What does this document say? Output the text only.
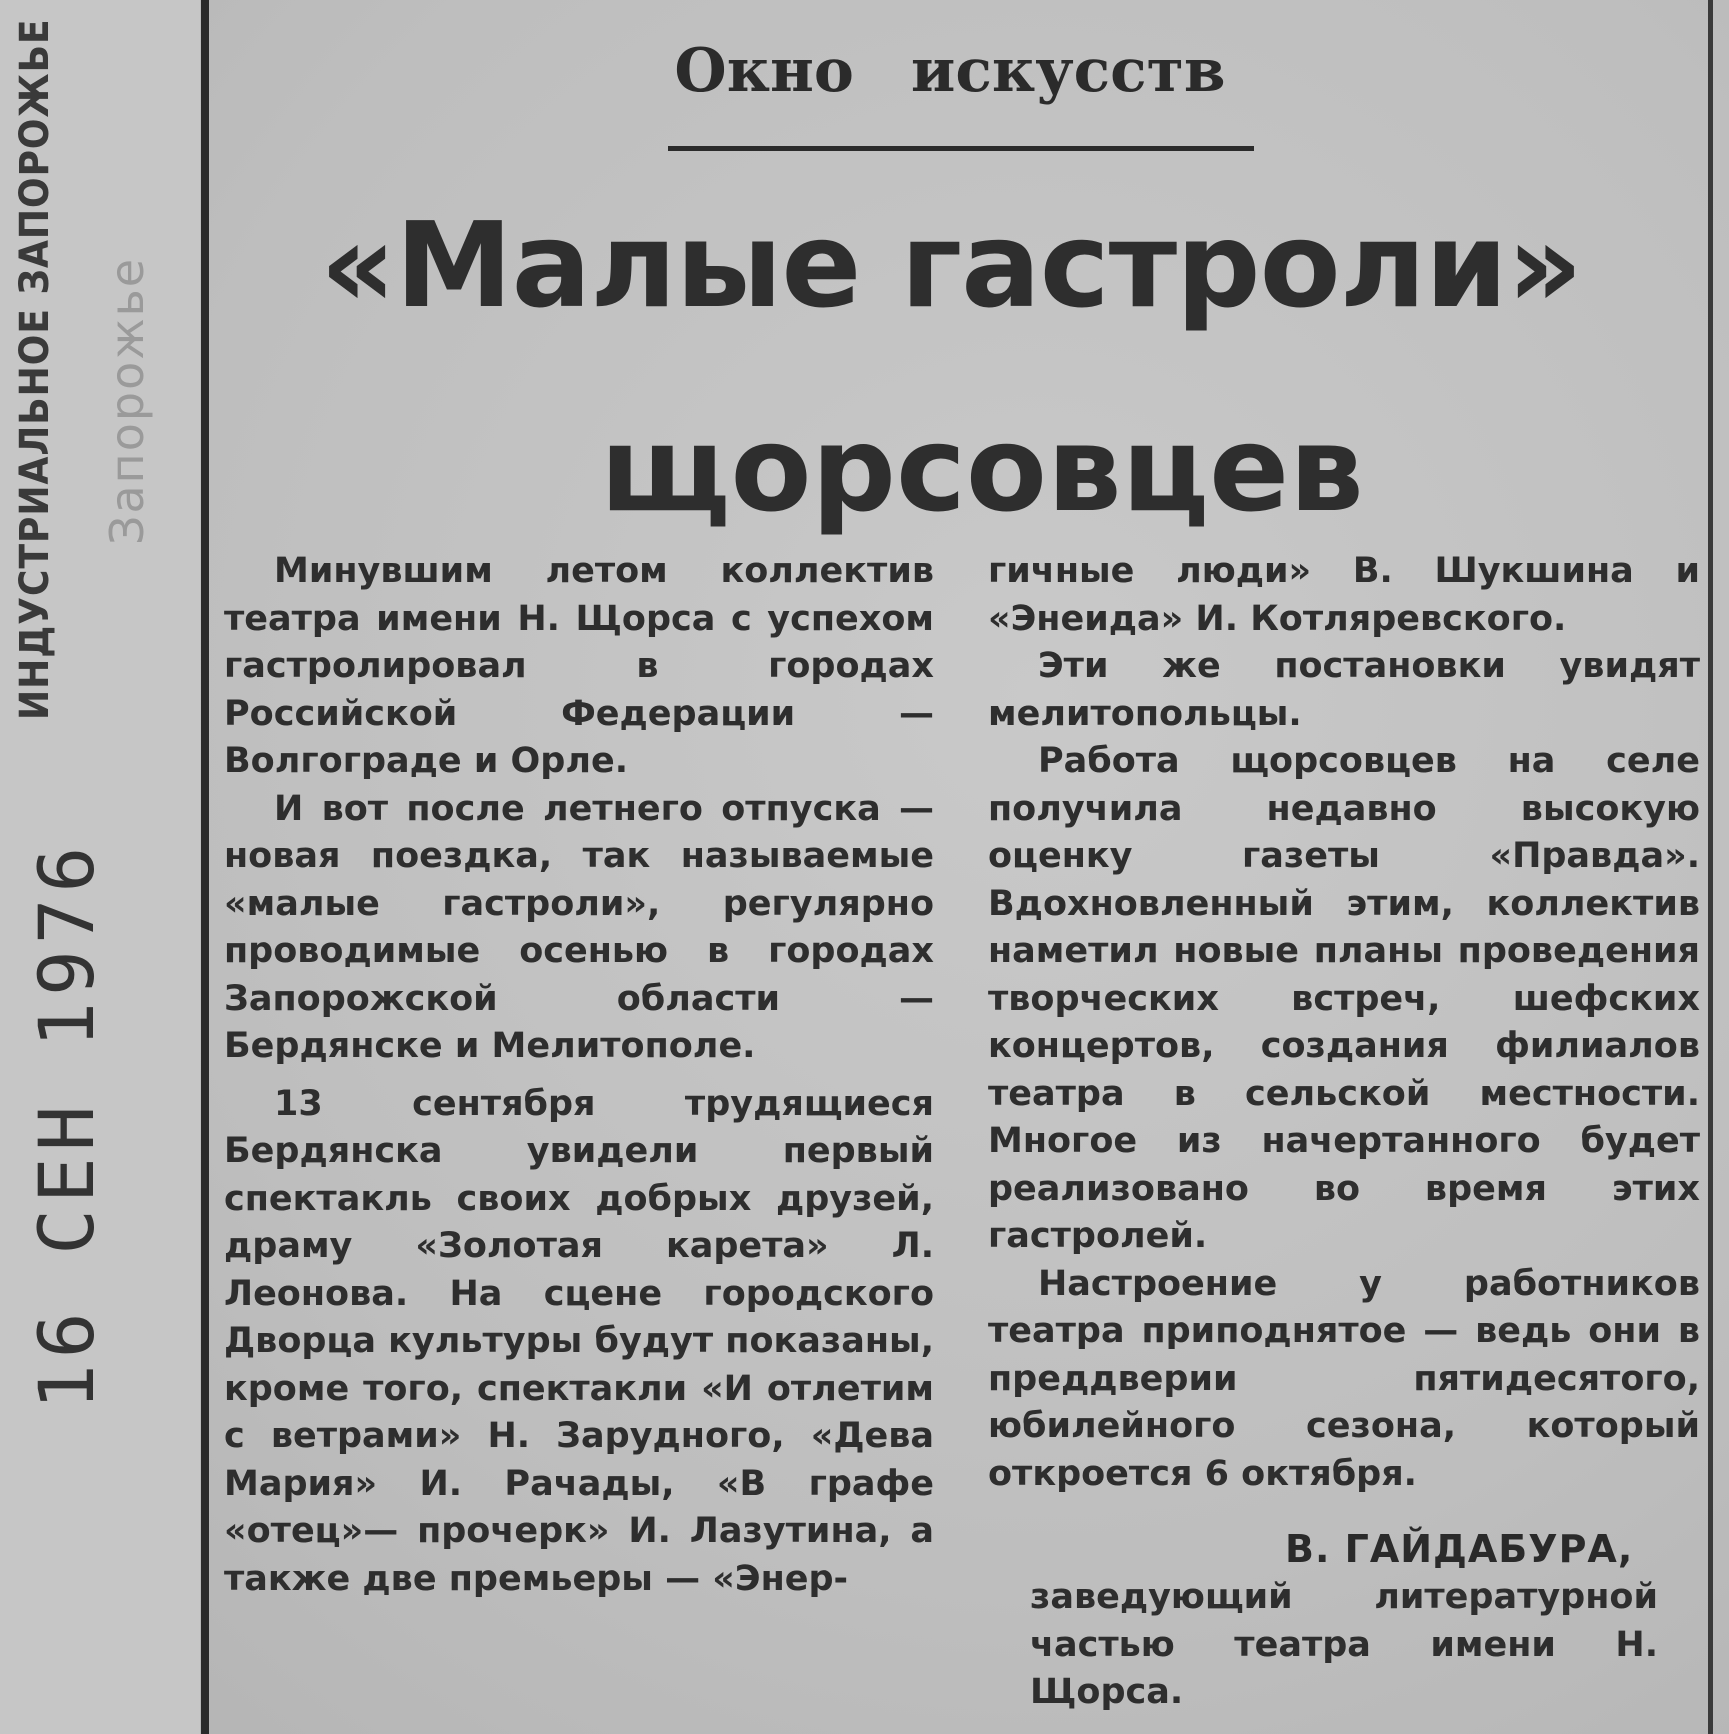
ИНДУСТРИАЛЬНОЕ ЗАПОРОЖЬЕ Запорожье
16 СЕН 1976
Окно искусств
«Малые гастроли»
щорсовцев

Минувшим летом коллектив театра имени Н. Щорса с успехом гастролировал в городах Российской Федерации — Волгограде и Орле.

И вот после летнего отпуска — новая поездка, так называемые «малые гастроли», регулярно проводимые осенью в городах Запорожской области — Бердянске и Мелитополе.

13 сентября трудящиеся Бердянска увидели первый спектакль своих добрых друзей, драму «Золотая карета» Л. Леонова. На сцене городского Дворца культуры будут показаны, кроме того, спектакли «И отлетим с ветрами» Н. Зарудного, «Дева Мария» И. Рачады, «В графе «отец»— прочерк» И. Лазутина, а также две премьеры — «Энер-

гичные люди» В. Шукшина и «Энеида» И. Котляревского.

Эти же постановки увидят мелитопольцы.

Работа щорсовцев на селе получила недавно высокую оценку газеты «Правда». Вдохновленный этим, коллектив наметил новые планы проведения творческих встреч, шефских концертов, создания филиалов театра в сельской местности. Многое из начертанного будет реализовано во время этих гастролей.

Настроение у работников театра приподнятое — ведь они в преддверии пятидесятого, юбилейного сезона, который откроется 6 октября.

В. ГАЙДАБУРА,
заведующий литературной частью театра имени Н. Щорса.
